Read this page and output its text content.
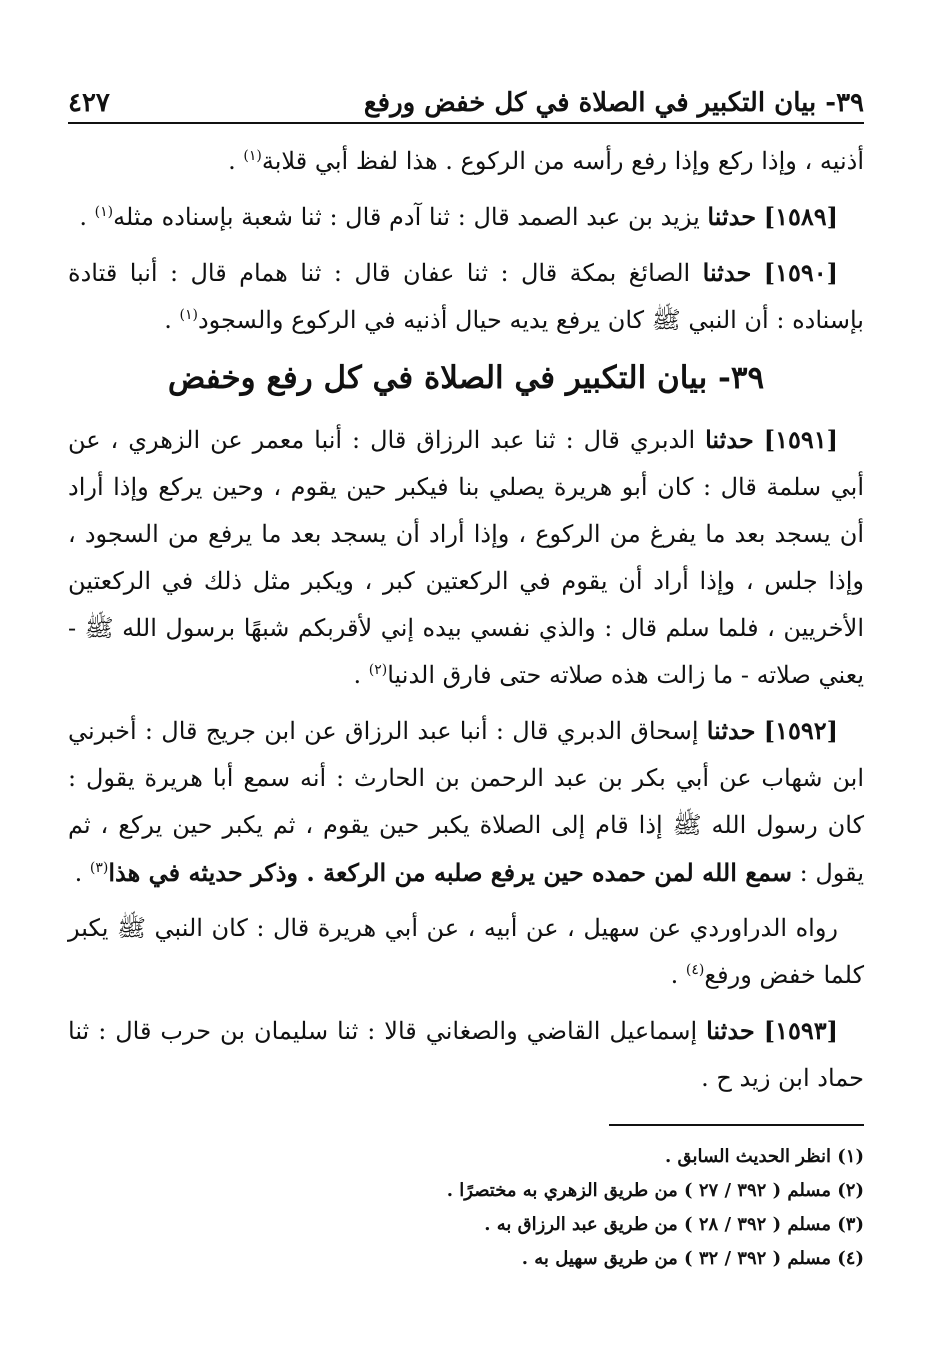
٣٩- بيان التكبير في الصلاة في كل خفض ورفع
٤٢٧

أذنيه ، وإذا ركع وإذا رفع رأسه من الركوع . هذا لفظ أبي قلابة$^{(١)}$ .

[١٥٨٩] حدثنا يزيد بن عبد الصمد قال : ثنا آدم قال : ثنا شعبة بإسناده مثله$^{(١)}$ .

[١٥٩٠] حدثنا الصائغ بمكة قال : ثنا عفان قال : ثنا همام قال : أنبا قتادة بإسناده : أن النبي ﷺ كان يرفع يديه حيال أذنيه في الركوع والسجود$^{(١)}$ .

٣٩- بيان التكبير في الصلاة في كل رفع وخفض

[١٥٩١] حدثنا الدبري قال : ثنا عبد الرزاق قال : أنبا معمر عن الزهري ، عن أبي سلمة قال : كان أبو هريرة يصلي بنا فيكبر حين يقوم ، وحين يركع وإذا أراد أن يسجد بعد ما يفرغ من الركوع ، وإذا أراد أن يسجد بعد ما يرفع من السجود ، وإذا جلس ، وإذا أراد أن يقوم في الركعتين كبر ، ويكبر مثل ذلك في الركعتين الأخريين ، فلما سلم قال : والذي نفسي بيده إني لأقربكم شبهًا برسول الله ﷺ - يعني صلاته - ما زالت هذه صلاته حتى فارق الدنيا$^{(٢)}$ .

[١٥٩٢] حدثنا إسحاق الدبري قال : أنبا عبد الرزاق عن ابن جريج قال : أخبرني ابن شهاب عن أبي بكر بن عبد الرحمن بن الحارث : أنه سمع أبا هريرة يقول : كان رسول الله ﷺ إذا قام إلى الصلاة يكبر حين يقوم ، ثم يكبر حين يركع ، ثم يقول : سمع الله لمن حمده حين يرفع صلبه من الركعة . وذكر حديثه في هذا$^{(٣)}$ .

رواه الدراوردي عن سهيل ، عن أبيه ، عن أبي هريرة قال : كان النبي ﷺ يكبر كلما خفض ورفع$^{(٤)}$ .

[١٥٩٣] حدثنا إسماعيل القاضي والصغاني قالا : ثنا سليمان بن حرب قال : ثنا حماد ابن زيد ح .

(١) انظر الحديث السابق .

(٢) مسلم ( ٣٩٢ / ٢٧ ) من طريق الزهري به مختصرًا .

(٣) مسلم ( ٣٩٢ / ٢٨ ) من طريق عبد الرزاق به .

(٤) مسلم ( ٣٩٢ / ٣٢ ) من طريق سهيل به .
